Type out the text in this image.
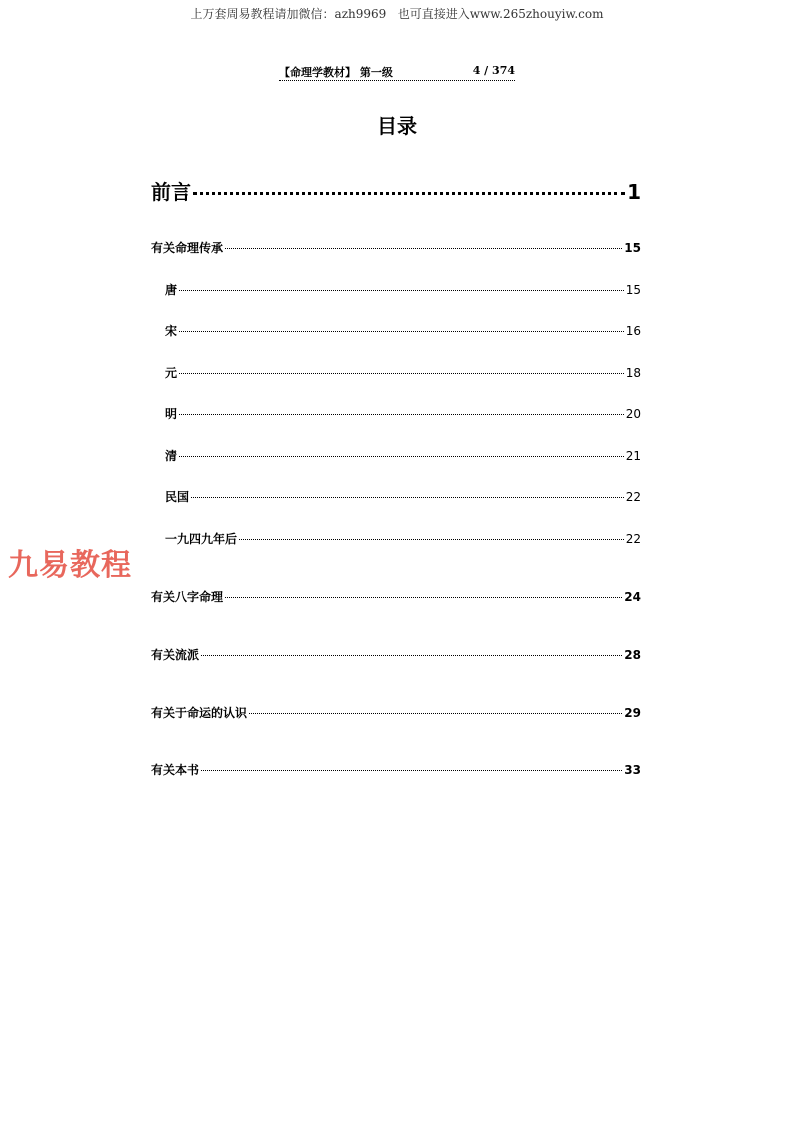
上万套周易教程请加微信：azh9969   也可直接进入www.265zhouyiw.com
【命理学教材】 第一级	4 / 374
目录
前言	1
有关命理传承	15
唐	15
宋	16
元	18
明	20
清	21
民国	22
一九四九年后	22
有关八字命理	24
有关流派	28
有关于命运的认识	29
有关本书	33
九易教程
